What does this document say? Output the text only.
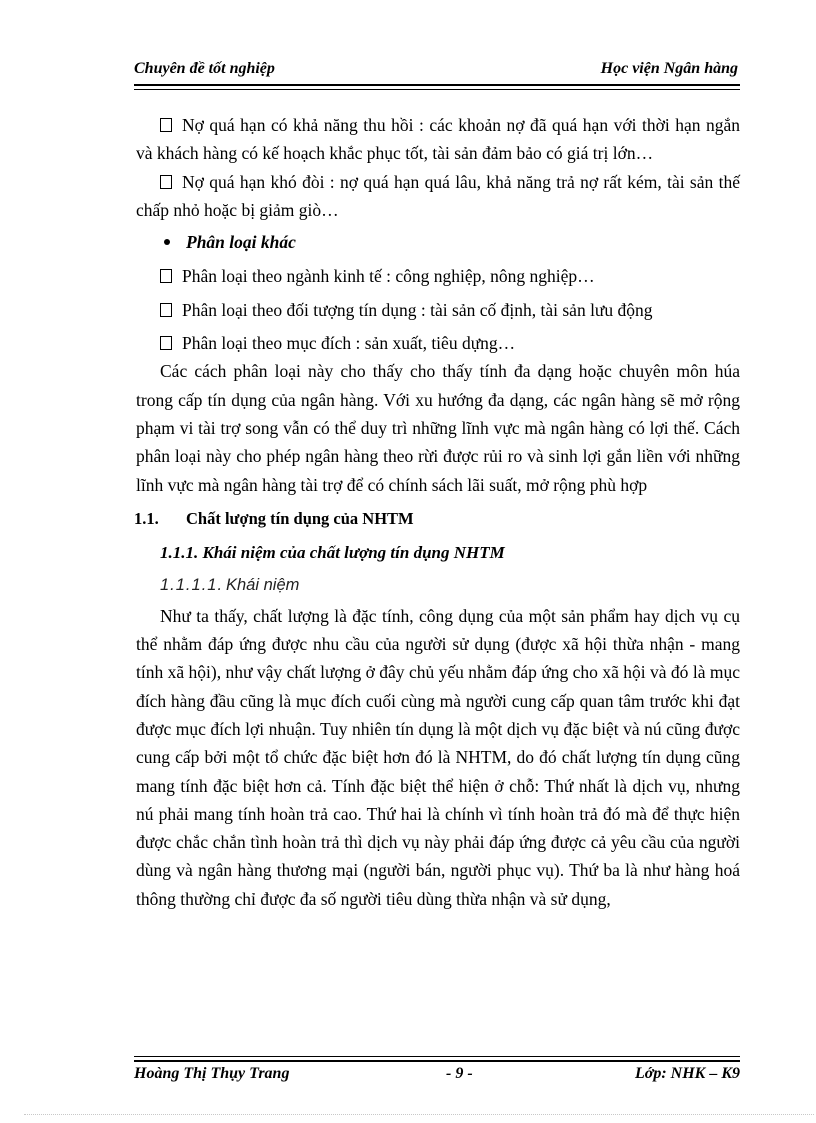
Chuyên đề tốt nghiệp	Học viện Ngân hàng

Nợ quá hạn có khả năng thu hồi : các khoản nợ đã quá hạn với thời hạn ngắn và khách hàng có kế hoạch khắc phục tốt, tài sản đảm bảo có giá trị lớn…

Nợ quá hạn khó đòi : nợ quá hạn quá lâu, khả năng trả nợ rất kém, tài sản thế chấp nhỏ hoặc bị giảm giò…

Phân loại khác

Phân loại theo ngành kinh tế : công nghiệp, nông nghiệp…

Phân loại theo đối tượng tín dụng : tài sản cố định, tài sản lưu động

Phân loại theo mục đích : sản xuất, tiêu dựng…

Các cách phân loại này cho thấy cho thấy tính đa dạng hoặc chuyên môn húa trong cấp tín dụng của ngân hàng. Với xu hướng đa dạng, các ngân hàng sẽ mở rộng phạm vi tài trợ song vẫn có thể duy trì những lĩnh vực mà ngân hàng có lợi thế. Cách phân loại này cho phép ngân hàng theo rừi được rủi ro và sinh lợi gắn liền với những lĩnh vực mà ngân hàng tài trợ để có chính sách lãi suất, mở rộng phù hợp

1.1. Chất lượng tín dụng của NHTM
1.1.1. Khái niệm của chất lượng tín dụng NHTM
1.1.1.1. Khái niệm

Như ta thấy, chất lượng là đặc tính, công dụng của một sản phẩm hay dịch vụ cụ thể nhằm đáp ứng được nhu cầu của người sử dụng (được xã hội thừa nhận - mang tính xã hội), như vậy chất lượng ở đây chủ yếu nhằm đáp ứng cho xã hội và đó là mục đích hàng đầu cũng là mục đích cuối cùng mà người cung cấp quan tâm trước khi đạt được mục đích lợi nhuận. Tuy nhiên tín dụng là một dịch vụ đặc biệt và nú cũng được cung cấp bởi một tổ chức đặc biệt hơn đó là NHTM, do đó chất lượng tín dụng cũng mang tính đặc biệt hơn cả. Tính đặc biệt thể hiện ở chỗ: Thứ nhất là dịch vụ, nhưng nú phải mang tính hoàn trả cao. Thứ hai là chính vì tính hoàn trả đó mà để thực hiện được chắc chắn tình hoàn trả thì dịch vụ này phải đáp ứng được cả yêu cầu của người dùng và ngân hàng thương mại (người bán, người phục vụ). Thứ ba là như hàng hoá thông thường chỉ được đa số người tiêu dùng thừa nhận và sử dụng,

Hoàng Thị Thụy Trang	- 9 -	Lớp: NHK – K9
